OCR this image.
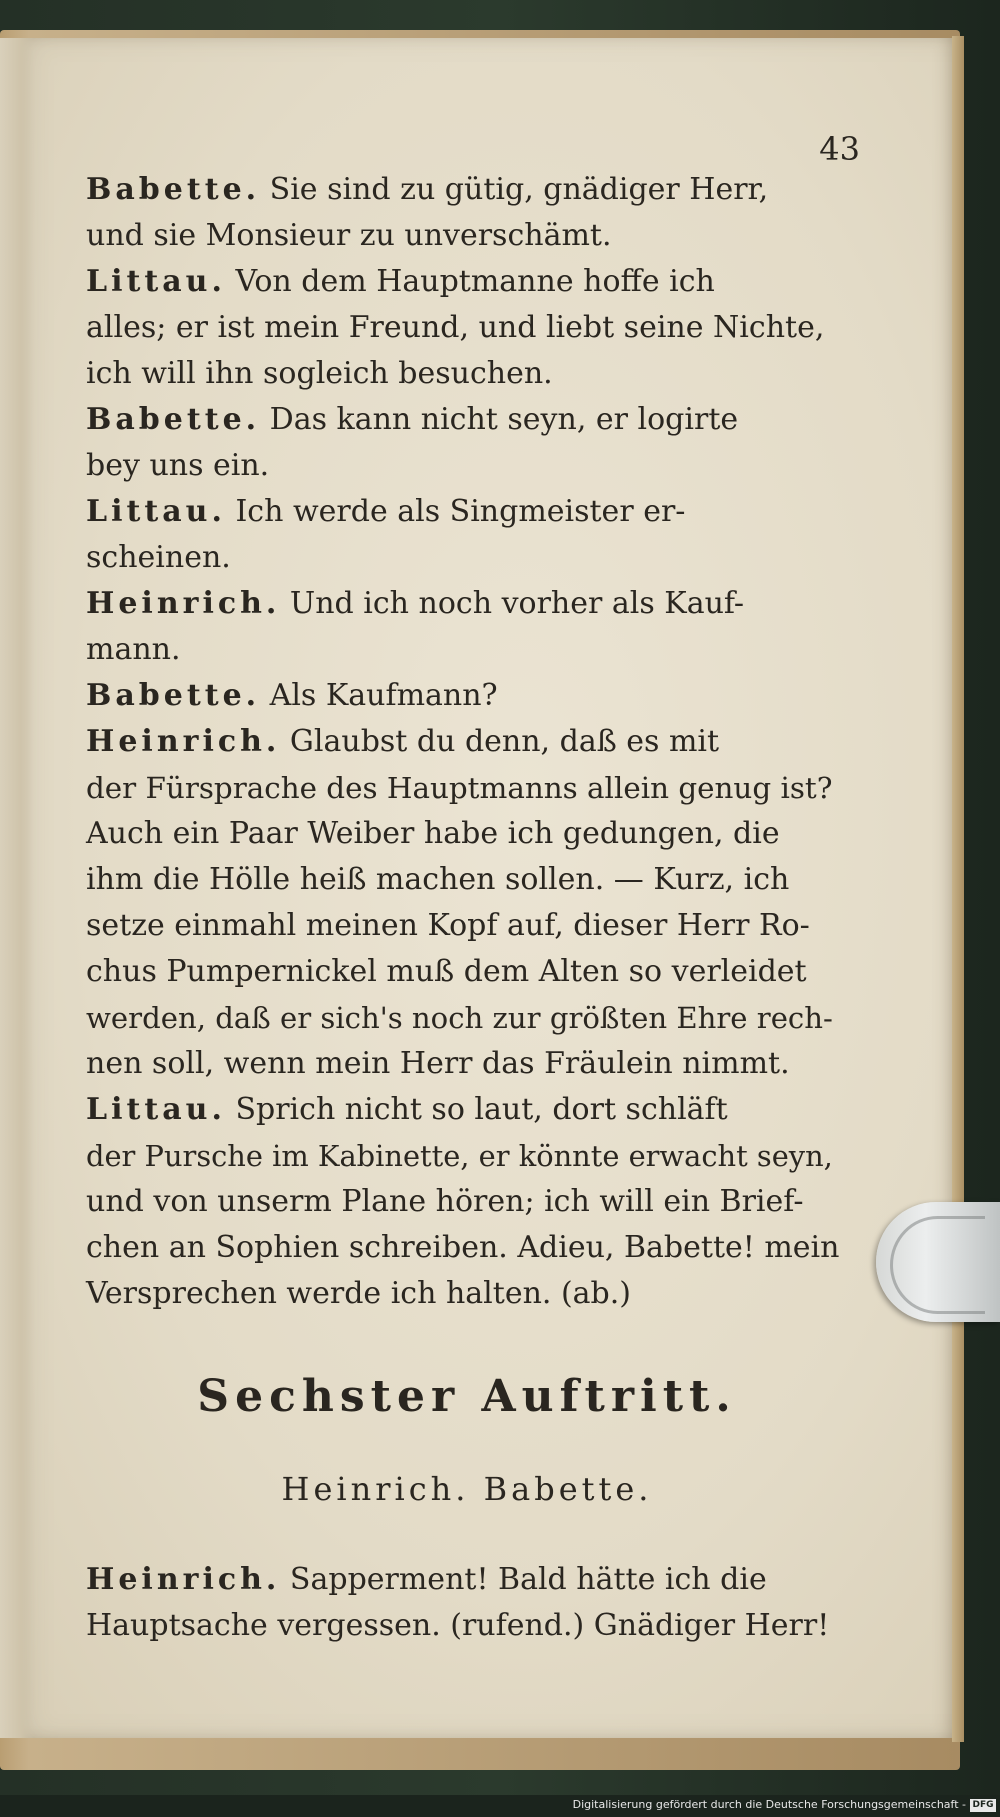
43
Babette. Sie sind zu gütig, gnädiger Herr,
und sie Monsieur zu unverschämt.
Littau. Von dem Hauptmanne hoffe ich
alles; er ist mein Freund, und liebt seine Nichte,
ich will ihn sogleich besuchen.
Babette. Das kann nicht seyn, er logirte
bey uns ein.
Littau. Ich werde als Singmeister er-
scheinen.
Heinrich. Und ich noch vorher als Kauf-
mann.
Babette. Als Kaufmann?
Heinrich. Glaubst du denn, daß es mit
der Fürsprache des Hauptmanns allein genug ist?
Auch ein Paar Weiber habe ich gedungen, die
ihm die Hölle heiß machen sollen. — Kurz, ich
setze einmahl meinen Kopf auf, dieser Herr Ro-
chus Pumpernickel muß dem Alten so verleidet
werden, daß er sich's noch zur größten Ehre rech-
nen soll, wenn mein Herr das Fräulein nimmt.
Littau. Sprich nicht so laut, dort schläft
der Pursche im Kabinette, er könnte erwacht seyn,
und von unserm Plane hören; ich will ein Brief-
chen an Sophien schreiben. Adieu, Babette! mein
Versprechen werde ich halten. (ab.)
Sechster Auftritt.
Heinrich. Babette.
Heinrich. Sapperment! Bald hätte ich die
Hauptsache vergessen. (rufend.) Gnädiger Herr!
Digitalisierung gefördert durch die Deutsche Forschungsgemeinschaft - DFG
